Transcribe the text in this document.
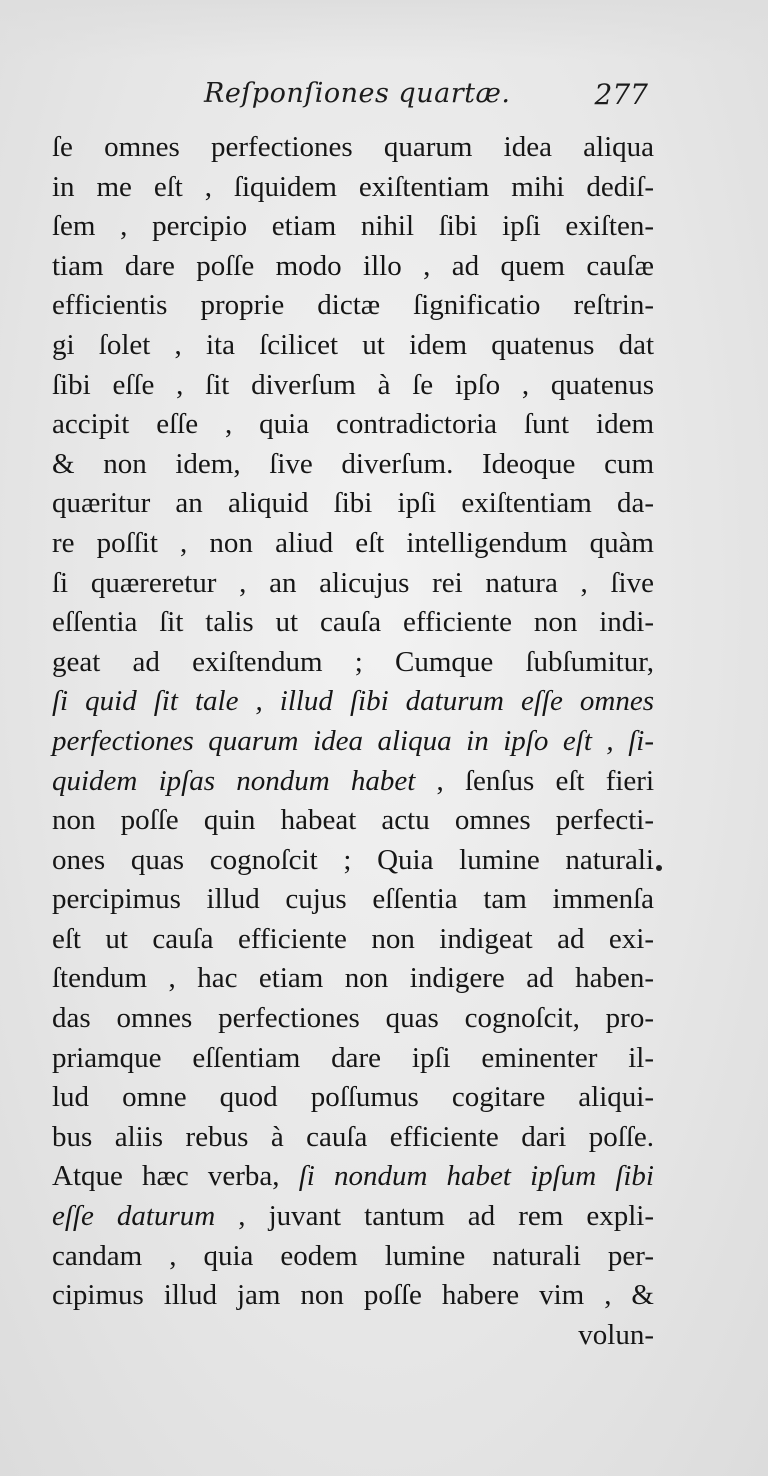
Reſponſiones quartæ.	277
ſe omnes perfectiones quarum idea aliqua
in me eſt , ſiquidem exiſtentiam mihi dediſ-
ſem , percipio etiam nihil ſibi ipſi exiſten-
tiam dare poſſe modo illo , ad quem cauſæ
efficientis proprie dictæ ſignificatio reſtrin-
gi ſolet , ita ſcilicet ut idem quatenus dat
ſibi eſſe , ſit diverſum à ſe ipſo , quatenus
accipit eſſe , quia contradictoria ſunt idem
& non idem, ſive diverſum. Ideoque cum
quæritur an aliquid ſibi ipſi exiſtentiam da-
re poſſit , non aliud eſt intelligendum quàm
ſi quæreretur , an alicujus rei natura , ſive
eſſentia ſit talis ut cauſa efficiente non indi-
geat ad exiſtendum ; Cumque ſubſumitur,
ſi quid ſit tale , illud ſibi daturum eſſe omnes
perfectiones quarum idea aliqua in ipſo eſt , ſi-
quidem ipſas nondum habet , ſenſus eſt fieri
non poſſe quin habeat actu omnes perfecti-
ones quas cognoſcit ; Quia lumine naturali
percipimus illud cujus eſſentia tam immenſa
eſt ut cauſa efficiente non indigeat ad exi-
ſtendum , hac etiam non indigere ad haben-
das omnes perfectiones quas cognoſcit, pro-
priamque eſſentiam dare ipſi eminenter il-
lud omne quod poſſumus cogitare aliqui-
bus aliis rebus à cauſa efficiente dari poſſe.
Atque hæc verba, ſi nondum habet ipſum ſibi
eſſe daturum , juvant tantum ad rem expli-
candam , quia eodem lumine naturali per-
cipimus illud jam non poſſe habere vim , &
volun-
